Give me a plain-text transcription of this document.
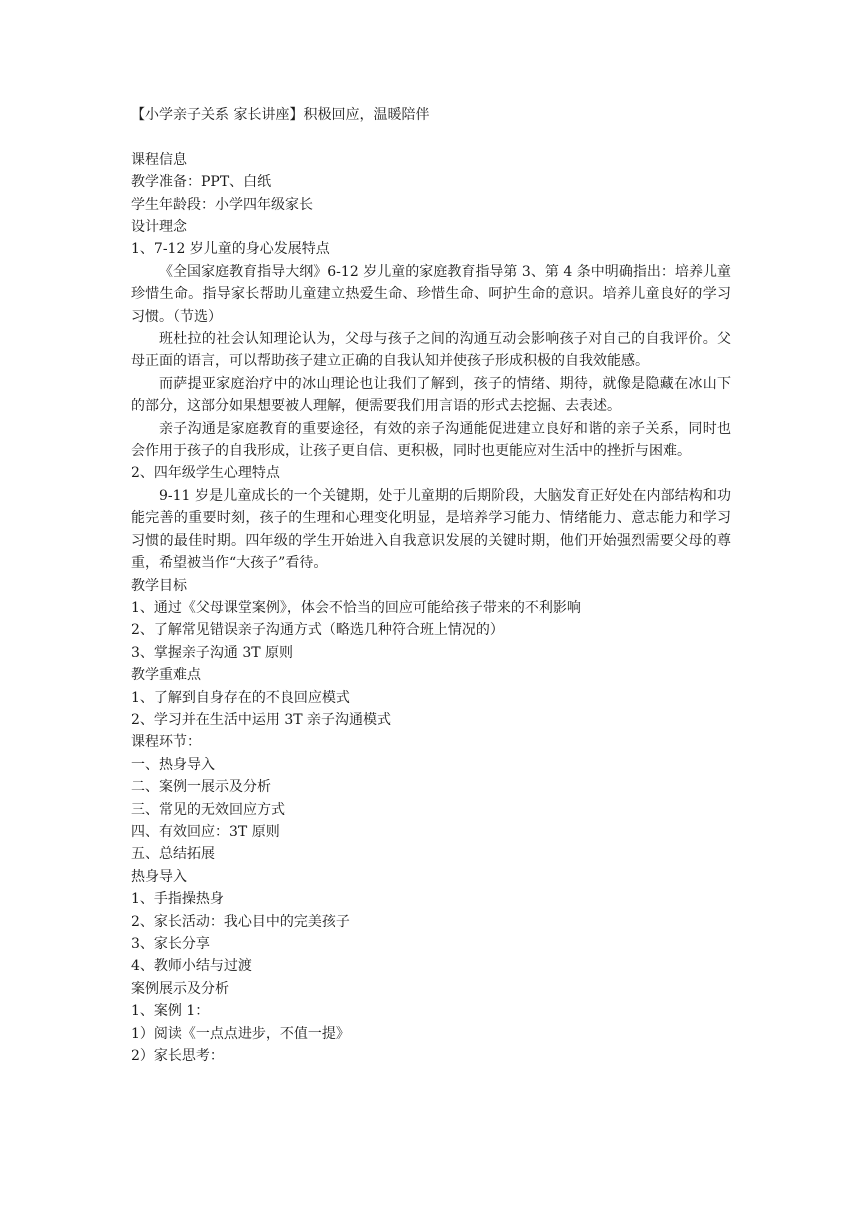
【小学亲子关系 家长讲座】积极回应，温暖陪伴

课程信息

教学准备：PPT、白纸

学生年龄段：小学四年级家长

设计理念

1、7-12 岁儿童的身心发展特点

《全国家庭教育指导大纲》6-12 岁儿童的家庭教育指导第 3、第 4 条中明确指出：培养儿童珍惜生命。指导家长帮助儿童建立热爱生命、珍惜生命、呵护生命的意识。培养儿童良好的学习习惯。（节选）

班杜拉的社会认知理论认为，父母与孩子之间的沟通互动会影响孩子对自己的自我评价。父母正面的语言，可以帮助孩子建立正确的自我认知并使孩子形成积极的自我效能感。

而萨提亚家庭治疗中的冰山理论也让我们了解到，孩子的情绪、期待，就像是隐藏在冰山下的部分，这部分如果想要被人理解，便需要我们用言语的形式去挖掘、去表述。

亲子沟通是家庭教育的重要途径，有效的亲子沟通能促进建立良好和谐的亲子关系，同时也会作用于孩子的自我形成，让孩子更自信、更积极，同时也更能应对生活中的挫折与困难。

2、四年级学生心理特点

9-11 岁是儿童成长的一个关键期，处于儿童期的后期阶段，大脑发育正好处在内部结构和功能完善的重要时刻，孩子的生理和心理变化明显，是培养学习能力、情绪能力、意志能力和学习习惯的最佳时期。四年级的学生开始进入自我意识发展的关键时期，他们开始强烈需要父母的尊重，希望被当作“大孩子”看待。

教学目标

1、通过《父母课堂案例》，体会不恰当的回应可能给孩子带来的不利影响

2、了解常见错误亲子沟通方式（略选几种符合班上情况的）

3、掌握亲子沟通 3T 原则

教学重难点

1、了解到自身存在的不良回应模式

2、学习并在生活中运用 3T 亲子沟通模式

课程环节：

一、热身导入

二、案例一展示及分析

三、常见的无效回应方式

四、有效回应：3T 原则

五、总结拓展

热身导入

1、手指操热身

2、家长活动：我心目中的完美孩子

3、家长分享

4、教师小结与过渡

案例展示及分析

1、案例 1：

1）阅读《一点点进步，不值一提》

2）家长思考：
